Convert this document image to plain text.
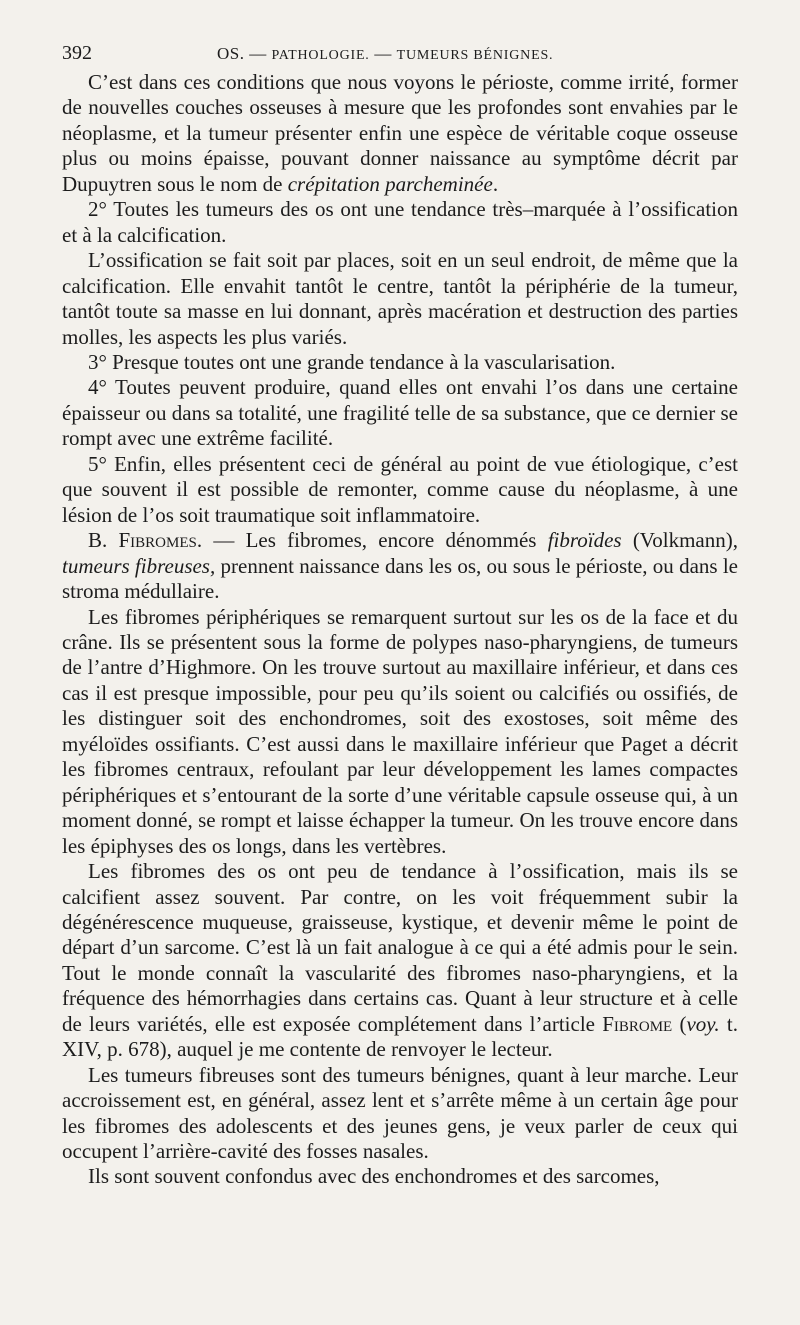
392	OS. — PATHOLOGIE. — TUMEURS BÉNIGNES.

C’est dans ces conditions que nous voyons le périoste, comme irrité, former de nouvelles couches osseuses à mesure que les profondes sont envahies par le néoplasme, et la tumeur présenter enfin une espèce de véritable coque osseuse plus ou moins épaisse, pouvant donner naissance au symptôme décrit par Dupuytren sous le nom de crépitation parcheminée.

2° Toutes les tumeurs des os ont une tendance très–marquée à l’ossification et à la calcification.

L’ossification se fait soit par places, soit en un seul endroit, de même que la calcification. Elle envahit tantôt le centre, tantôt la périphérie de la tumeur, tantôt toute sa masse en lui donnant, après macération et destruction des parties molles, les aspects les plus variés.

3° Presque toutes ont une grande tendance à la vascularisation.

4° Toutes peuvent produire, quand elles ont envahi l’os dans une certaine épaisseur ou dans sa totalité, une fragilité telle de sa substance, que ce dernier se rompt avec une extrême facilité.

5° Enfin, elles présentent ceci de général au point de vue étiologique, c’est que souvent il est possible de remonter, comme cause du néoplasme, à une lésion de l’os soit traumatique soit inflammatoire.

B. Fibromes. — Les fibromes, encore dénommés fibroïdes (Volkmann), tumeurs fibreuses, prennent naissance dans les os, ou sous le périoste, ou dans le stroma médullaire.

Les fibromes périphériques se remarquent surtout sur les os de la face et du crâne. Ils se présentent sous la forme de polypes naso-pharyngiens, de tumeurs de l’antre d’Highmore. On les trouve surtout au maxillaire inférieur, et dans ces cas il est presque impossible, pour peu qu’ils soient ou calcifiés ou ossifiés, de les distinguer soit des enchondromes, soit des exostoses, soit même des myéloïdes ossifiants. C’est aussi dans le maxillaire inférieur que Paget a décrit les fibromes centraux, refoulant par leur développement les lames compactes périphériques et s’entourant de la sorte d’une véritable capsule osseuse qui, à un moment donné, se rompt et laisse échapper la tumeur. On les trouve encore dans les épiphyses des os longs, dans les vertèbres.

Les fibromes des os ont peu de tendance à l’ossification, mais ils se calcifient assez souvent. Par contre, on les voit fréquemment subir la dégénérescence muqueuse, graisseuse, kystique, et devenir même le point de départ d’un sarcome. C’est là un fait analogue à ce qui a été admis pour le sein. Tout le monde connaît la vascularité des fibromes naso-pharyngiens, et la fréquence des hémorrhagies dans certains cas. Quant à leur structure et à celle de leurs variétés, elle est exposée complétement dans l’article Fibrome (voy. t. XIV, p. 678), auquel je me contente de renvoyer le lecteur.

Les tumeurs fibreuses sont des tumeurs bénignes, quant à leur marche. Leur accroissement est, en général, assez lent et s’arrête même à un certain âge pour les fibromes des adolescents et des jeunes gens, je veux parler de ceux qui occupent l’arrière-cavité des fosses nasales.

Ils sont souvent confondus avec des enchondromes et des sarcomes,
